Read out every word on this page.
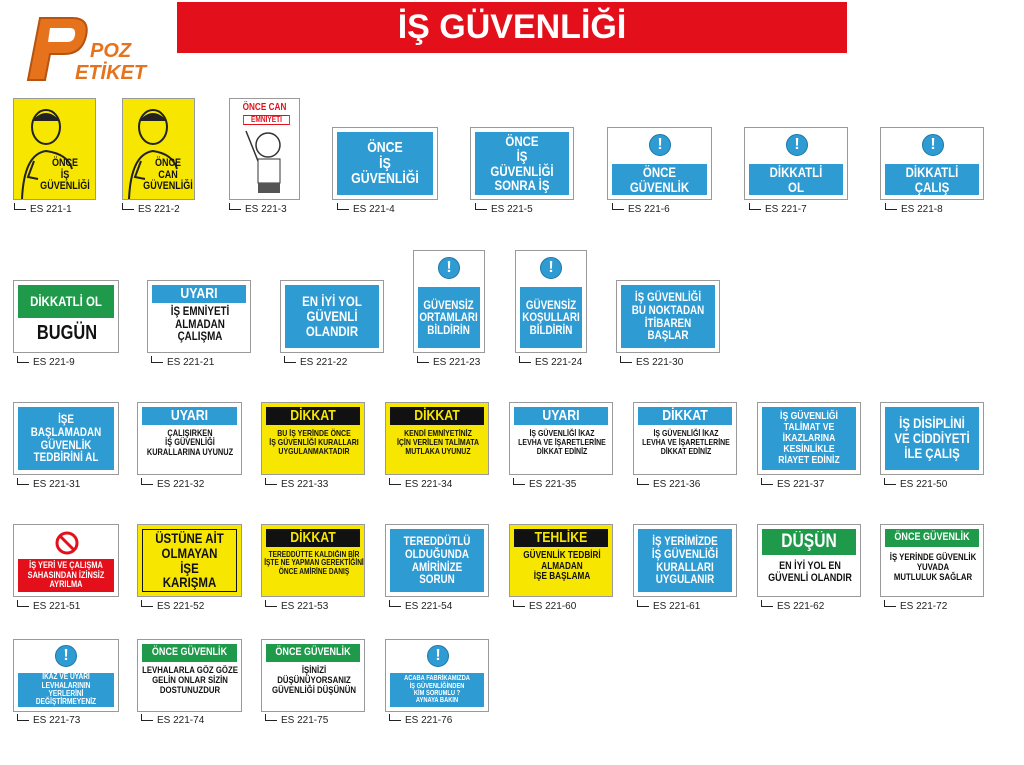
İŞ GÜVENLİĞİ
POZ
ETİKET
ÖNCE
İŞ
GÜVENLİĞİ
ES 221-1
ÖNCE
CAN
GÜVENLİĞİ
ES 221-2
ÖNCE CAN
EMNİYETİ
ES 221-3
ÖNCE
İŞ
GÜVENLİĞİ
ES 221-4
ÖNCE
İŞ GÜVENLİĞİ
SONRA İŞ
ES 221-5
!
ÖNCE
GÜVENLİK
ES 221-6
!
DİKKATLİ
OL
ES 221-7
!
DİKKATLİ
ÇALIŞ
ES 221-8
DİKKATLİ OL
BUGÜN
ES 221-9
UYARI
İŞ EMNİYETİ
ALMADAN
ÇALIŞMA
ES 221-21
EN İYİ YOL
GÜVENLİ
OLANDIR
ES 221-22
!
GÜVENSİZ
ORTAMLARI
BİLDİRİN
ES 221-23
!
GÜVENSİZ
KOŞULLARI
BİLDİRİN
ES 221-24
İŞ GÜVENLİĞİ
BU NOKTADAN
İTİBAREN
BAŞLAR
ES 221-30
İŞE BAŞLAMADAN
GÜVENLİK
TEDBİRİNİ AL
ES 221-31
UYARI
ÇALIŞIRKEN
İŞ GÜVENLİĞİ
KURALLARINA UYUNUZ
ES 221-32
DİKKAT
BU İŞ YERİNDE ÖNCE
İŞ GÜVENLİĞİ KURALLARI
UYGULANMAKTADIR
ES 221-33
DİKKAT
KENDİ EMNİYETİNİZ
İÇİN VERİLEN TALİMATA
MUTLAKA UYUNUZ
ES 221-34
UYARI
İŞ GÜVENLİĞİ İKAZ
LEVHA VE İŞARETLERİNE
DİKKAT EDİNİZ
ES 221-35
DİKKAT
İŞ GÜVENLİĞİ İKAZ
LEVHA VE İŞARETLERİNE
DİKKAT EDİNİZ
ES 221-36
İŞ GÜVENLİĞİ
TALİMAT VE
İKAZLARINA
KESİNLİKLE
RİAYET EDİNİZ
ES 221-37
İŞ DİSİPLİNİ
VE CİDDİYETİ
İLE ÇALIŞ
ES 221-50
İŞ YERİ VE ÇALIŞMA
SAHASINDAN İZİNSİZ
AYRILMA
ES 221-51
ÜSTÜNE AİT
OLMAYAN İŞE
KARIŞMA
ES 221-52
DİKKAT
TEREDDÜTTE KALDIĞIN BİR
İŞTE NE YAPMAN GEREKTİĞİNİ
ÖNCE AMİRİNE DANIŞ
ES 221-53
TEREDDÜTLÜ
OLDUĞUNDA
AMİRİNİZE
SORUN
ES 221-54
TEHLİKE
GÜVENLİK TEDBİRİ
ALMADAN
İŞE BAŞLAMA
ES 221-60
İŞ YERİMİZDE
İŞ GÜVENLİĞİ
KURALLARI
UYGULANIR
ES 221-61
DÜŞÜN
EN İYİ YOL EN
GÜVENLİ OLANDIR
ES 221-62
ÖNCE GÜVENLİK
İŞ YERİNDE GÜVENLİK
YUVADA
MUTLULUK SAĞLAR
ES 221-72
!
İKAZ VE UYARI
LEVHALARININ YERLERİNİ
DEĞİŞTİRMEYENİZ
ES 221-73
ÖNCE GÜVENLİK
LEVHALARLA GÖZ GÖZE
GELİN ONLAR SİZİN
DOSTUNUZDUR
ES 221-74
ÖNCE GÜVENLİK
İŞİNİZİ
DÜŞÜNÜYORSANIZ
GÜVENLİĞİ DÜŞÜNÜN
ES 221-75
!
ACABA FABRİKAMIZDA
İŞ GÜVENLİĞİNDEN
KİM SORUMLU ?
AYNAYA BAKIN
ES 221-76
